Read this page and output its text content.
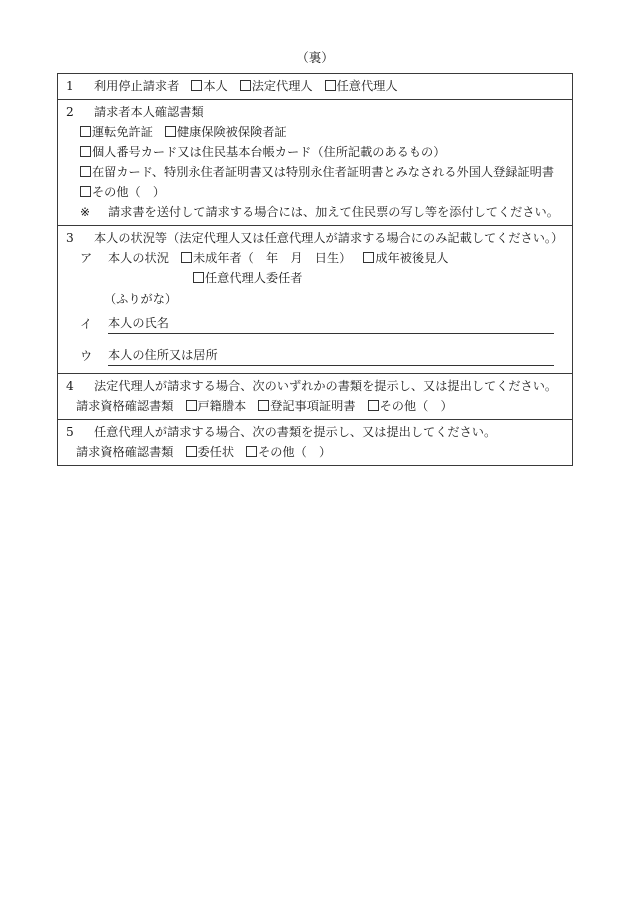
（裏）
1 利用停止請求者 本人 法定代理人 任意代理人
2 請求者本人確認書類
運転免許証 健康保険被保険者証
個人番号カード又は住民基本台帳カード（住所記載のあるもの）
在留カード、特別永住者証明書又は特別永住者証明書とみなされる外国人登録証明書
その他（　）
※ 請求書を送付して請求する場合には、加えて住民票の写し等を添付してください。
3 本人の状況等（法定代理人又は任意代理人が請求する場合にのみ記載してください。）
ア 本人の状況 未成年者（　年　月　日生） 成年被後見人
任意代理人委任者
（ふりがな）
イ	本人の氏名
ウ	本人の住所又は居所
4 法定代理人が請求する場合、次のいずれかの書類を提示し、又は提出してください。
請求資格確認書類 戸籍謄本 登記事項証明書 その他（　）
5 任意代理人が請求する場合、次の書類を提示し、又は提出してください。
請求資格確認書類 委任状 その他（　）
